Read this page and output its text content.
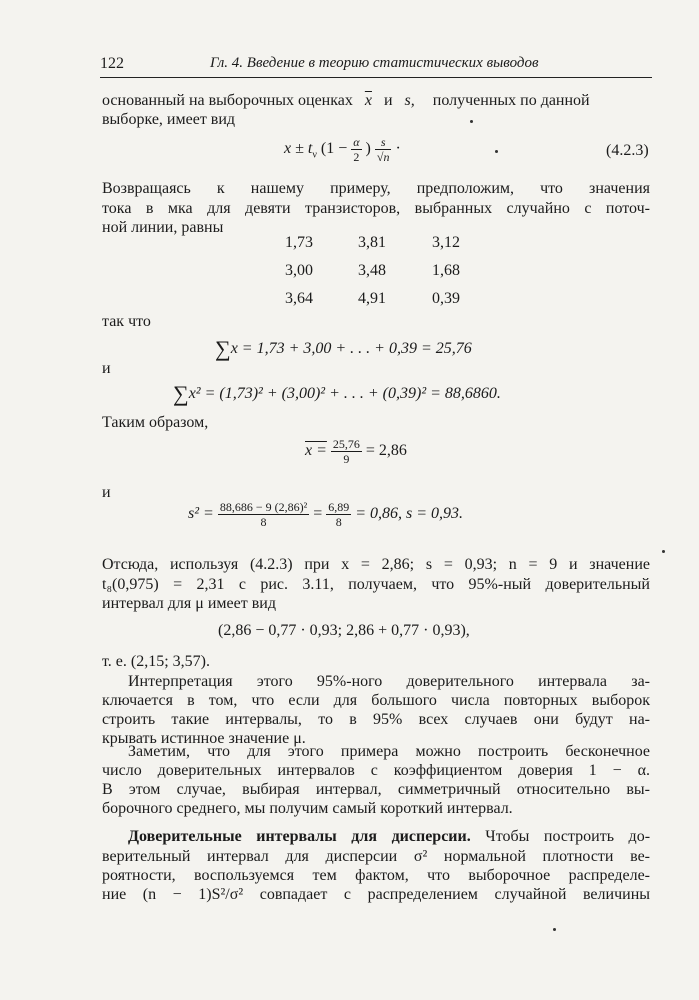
122	Гл. 4. Введение в теорию статистических выводов
основанный на выборочных оценках $\overline{x}$ и s, полученных по данной
выборке, имеет вид
$x \pm t_\nu$ ($1 - \frac{\alpha}{2}$ ) $\frac{s}{√n}$ ·	(4.2.3)
Возвращаясь к нашему примеру, предположим, что значения
тока в мка для девяти транзисторов, выбранных случайно с поточ-
ной линии, равны
1,73	3,81	3,12
3,00	3,48	1,68
3,64	4,91	0,39
так что
∑x = 1,73 + 3,00 + . . . + 0,39 = 25,76
и
∑x² = (1,73)² + (3,00)² + . . . + (0,39)² = 88,6860.
Таким образом,
$x = \frac{25,76}{9} = 2,86$
и
$s^2 = \frac{\text{88,686 − 9 (2,86)²}}{8} = \frac{6,89}{8} = 0,86$, s = 0,93.
Отсюда, используя (4.2.3) при x = 2,86; s = 0,93; n = 9 и значение
t₈(0,975) = 2,31 с рис. 3.11, получаем, что 95%-ный доверительный
интервал для μ имеет вид
(2,86 − 0,77 · 0,93; 2,86 + 0,77 · 0,93),
т. е. (2,15; 3,57).
Интерпретация этого 95%-ного доверительного интервала за-
ключается в том, что если для большого числа повторных выборок
строить такие интервалы, то в 95% всех случаев они будут на-
крывать истинное значение μ.
Заметим, что для этого примера можно построить бесконечное
число доверительных интервалов с коэффициентом доверия 1 − α.
В этом случае, выбирая интервал, симметричный относительно вы-
борочного среднего, мы получим самый короткий интервал.
Доверительные интервалы для дисперсии. Чтобы построить до-
верительный интервал для дисперсии σ² нормальной плотности ве-
роятности, воспользуемся тем фактом, что выборочное распределе-
ние (n − 1)S²/σ² совпадает с распределением случайной величины
